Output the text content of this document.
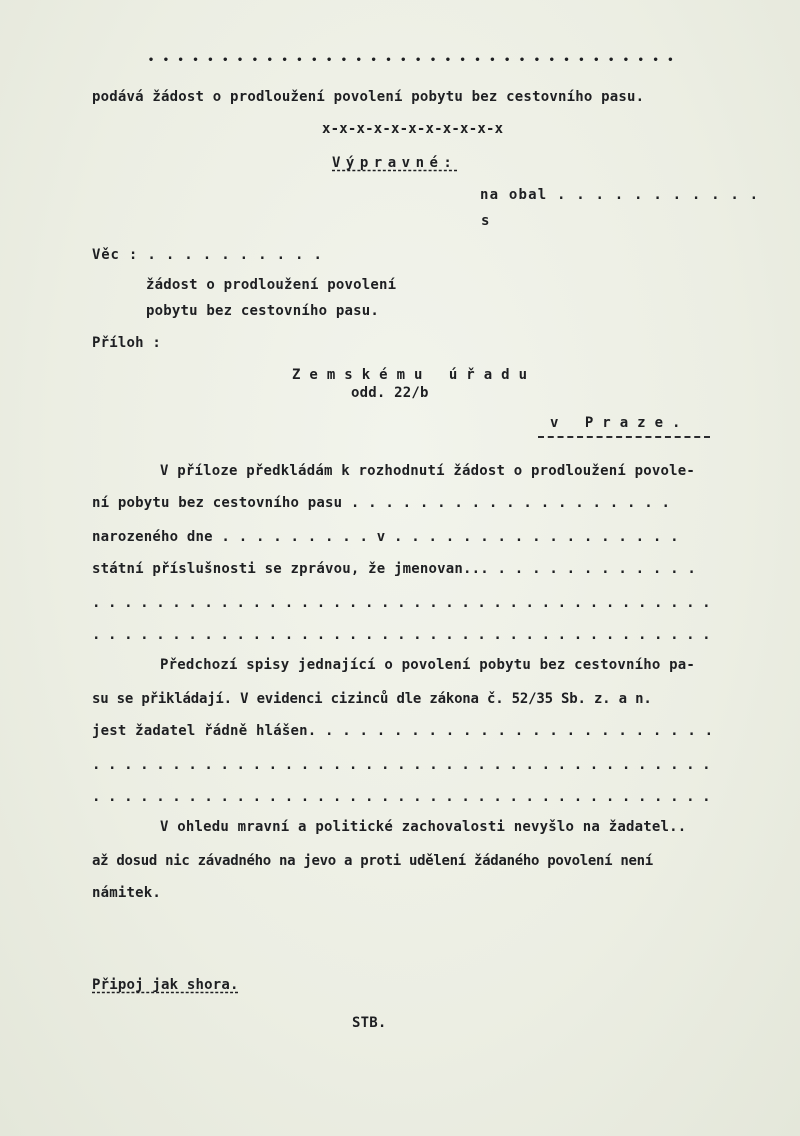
• • • • • • • • • • • • • • • • • • • • • • • • • • • • • • • • • • • •
podává žádost o prodloužení povolení pobytu bez cestovního pasu.
x-x-x-x-x-x-x-x-x-x-x
Výpravné:
na obal . . . . . . . . . . .
s
Věc : . . . . . . . . . .
žádost o prodloužení povolení
pobytu bez cestovního pasu.
Příloh :
Zemskému úřadu
odd. 22/b
v Praze.
V příloze předkládám k rozhodnutí žádost o prodloužení povole-
ní pobytu bez cestovního pasu . . . . . . . . . . . . . . . . . . .
narozeného dne . . . . . . . . . v . . . . . . . . . . . . . . . . .
státní příslušnosti se zprávou, že jmenovan... . . . . . . . . . . . .
. . . . . . . . . . . . . . . . . . . . . . . . . . . . . . . . . . . . . . .
. . . . . . . . . . . . . . . . . . . . . . . . . . . . . . . . . . . . . . .
Předchozí spisy jednající o povolení pobytu bez cestovního pa-
su se přikládají. V evidenci cizinců dle zákona č. 52/35 Sb. z. a n.
jest žadatel řádně hlášen. . . . . . . . . . . . . . . . . . . . . . . .
. . . . . . . . . . . . . . . . . . . . . . . . . . . . . . . . . . . . . . .
. . . . . . . . . . . . . . . . . . . . . . . . . . . . . . . . . . . . . . .
V ohledu mravní a politické zachovalosti nevyšlo na žadatel..
až dosud nic závadného na jevo a proti udělení žádaného povolení není
námitek.
Připoj jak shora.
STB.
